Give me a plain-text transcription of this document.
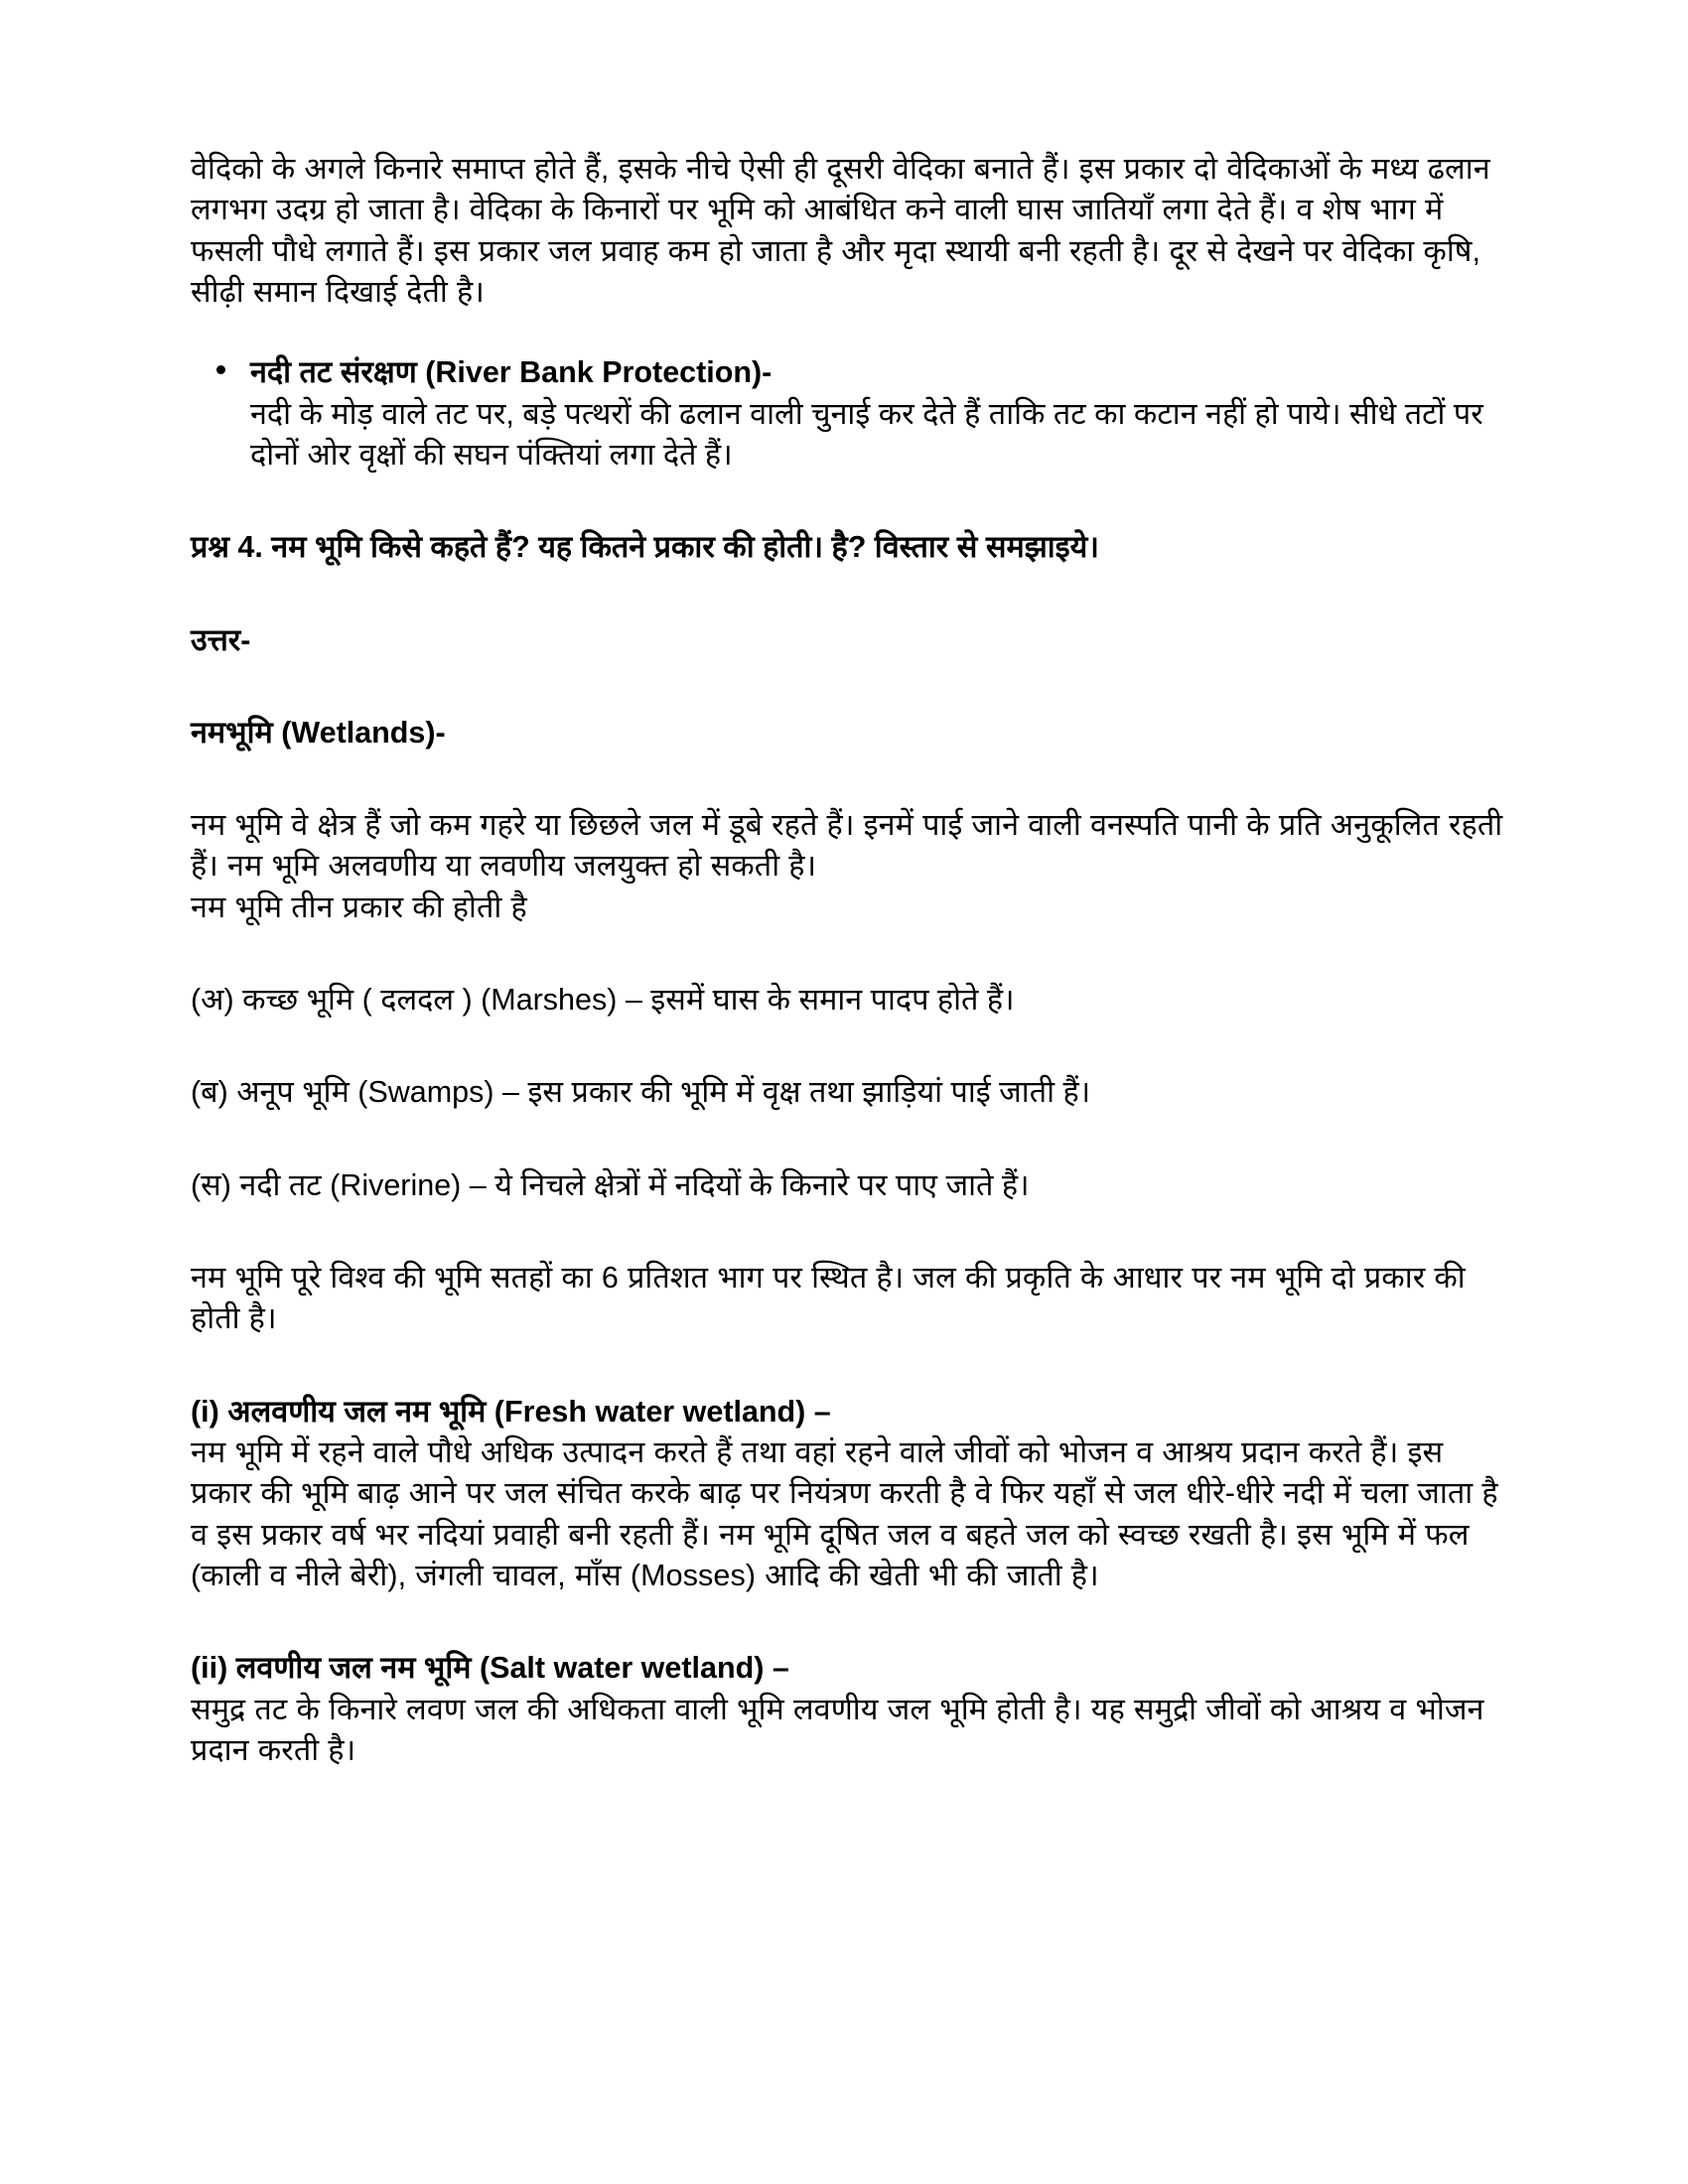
वेदिको के अगले किनारे समाप्त होते हैं, इसके नीचे ऐसी ही दूसरी वेदिका बनाते हैं। इस प्रकार दो वेदिकाओं के मध्य ढलान लगभग उदग्र हो जाता है। वेदिका के किनारों पर भूमि को आबंधित कने वाली घास जातियाँ लगा देते हैं। व शेष भाग में फसली पौधे लगाते हैं। इस प्रकार जल प्रवाह कम हो जाता है और मृदा स्थायी बनी रहती है। दूर से देखने पर वेदिका कृषि, सीढ़ी समान दिखाई देती है।

नदी तट संरक्षण (River Bank Protection)-

नदी के मोड़ वाले तट पर, बड़े पत्थरों की ढलान वाली चुनाई कर देते हैं ताकि तट का कटान नहीं हो पाये। सीधे तटों पर दोनों ओर वृक्षों की सघन पंक्तियां लगा देते हैं।

प्रश्न 4. नम भूमि किसे कहते हैं? यह कितने प्रकार की होती। है? विस्तार से समझाइये।

उत्तर-

नमभूमि (Wetlands)-

नम भूमि वे क्षेत्र हैं जो कम गहरे या छिछले जल में डूबे रहते हैं। इनमें पाई जाने वाली वनस्पति पानी के प्रति अनुकूलित रहती हैं। नम भूमि अलवणीय या लवणीय जलयुक्त हो सकती है।

नम भूमि तीन प्रकार की होती है

(अ) कच्छ भूमि ( दलदल ) (Marshes) – इसमें घास के समान पादप होते हैं।

(ब) अनूप भूमि (Swamps) – इस प्रकार की भूमि में वृक्ष तथा झाड़ियां पाई जाती हैं।

(स) नदी तट (Riverine) – ये निचले क्षेत्रों में नदियों के किनारे पर पाए जाते हैं।

नम भूमि पूरे विश्व की भूमि सतहों का 6 प्रतिशत भाग पर स्थित है। जल की प्रकृति के आधार पर नम भूमि दो प्रकार की होती है।

(i) अलवणीय जल नम भूमि (Fresh water wetland) –

नम भूमि में रहने वाले पौधे अधिक उत्पादन करते हैं तथा वहां रहने वाले जीवों को भोजन व आश्रय प्रदान करते हैं। इस प्रकार की भूमि बाढ़ आने पर जल संचित करके बाढ़ पर नियंत्रण करती है वे फिर यहाँ से जल धीरे-धीरे नदी में चला जाता है व इस प्रकार वर्ष भर नदियां प्रवाही बनी रहती हैं। नम भूमि दूषित जल व बहते जल को स्वच्छ रखती है। इस भूमि में फल (काली व नीले बेरी), जंगली चावल, माँस (Mosses) आदि की खेती भी की जाती है।

(ii) लवणीय जल नम भूमि (Salt water wetland) –

समुद्र तट के किनारे लवण जल की अधिकता वाली भूमि लवणीय जल भूमि होती है। यह समुद्री जीवों को आश्रय व भोजन प्रदान करती है।
